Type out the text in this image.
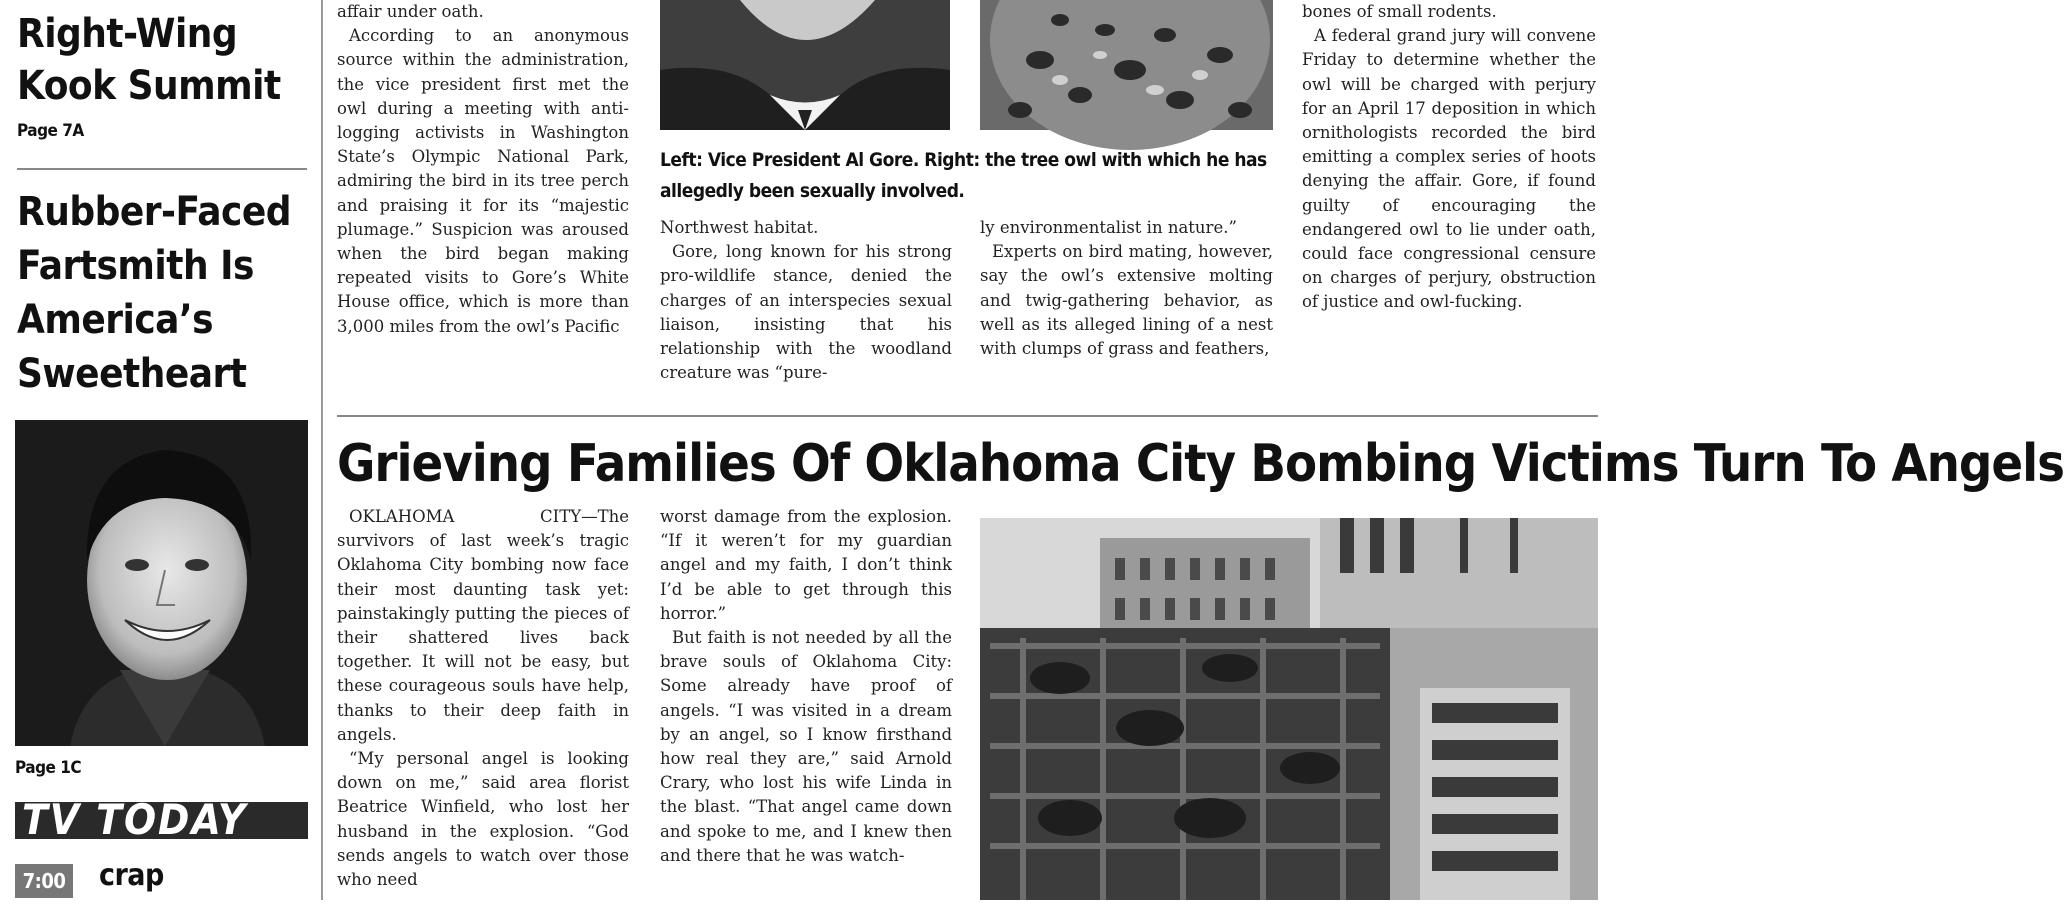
Right-Wing Kook Summit
Page 7A
Rubber-Faced Fartsmith Is America’s Sweetheart
Page 1C
TV TODAY
7:00 crap

affair under oath.

According to an anonymous source within the administration, the vice president first met the owl during a meeting with anti-logging activists in Washington State’s Olympic National Park, admiring the bird in its tree perch and praising it for its “majestic plumage.” Suspicion was aroused when the bird began making repeated visits to Gore’s White House office, which is more than 3,000 miles from the owl’s Pacific

Left: Vice President Al Gore. Right: the tree owl with which he has allegedly been sexually involved.

Northwest habitat.

Gore, long known for his strong pro-wildlife stance, denied the charges of an interspecies sexual liaison, insisting that his relationship with the woodland creature was “pure-

ly environmentalist in nature.”

Experts on bird mating, however, say the owl’s extensive molting and twig-gathering behavior, as well as its alleged lining of a nest with clumps of grass and feathers,

bones of small rodents.

A federal grand jury will convene Friday to determine whether the owl will be charged with perjury for an April 17 deposition in which ornithologists recorded the bird emitting a complex series of hoots denying the affair. Gore, if found guilty of encouraging the endangered owl to lie under oath, could face congressional censure on charges of perjury, obstruction of justice and owl-fucking.

Grieving Families Of Oklahoma City Bombing Victims Turn To Angels

OKLAHOMA CITY—The survivors of last week’s tragic Oklahoma City bombing now face their most daunting task yet: painstakingly putting the pieces of their shattered lives back together. It will not be easy, but these courageous souls have help, thanks to their deep faith in angels.

“My personal angel is looking down on me,” said area florist Beatrice Winfield, who lost her husband in the explosion. “God sends angels to watch over those who need

worst damage from the explosion. “If it weren’t for my guardian angel and my faith, I don’t think I’d be able to get through this horror.”

But faith is not needed by all the brave souls of Oklahoma City: Some already have proof of angels. “I was visited in a dream by an angel, so I know firsthand how real they are,” said Arnold Crary, who lost his wife Linda in the blast. “That angel came down and spoke to me, and I knew then and there that he was watch-
